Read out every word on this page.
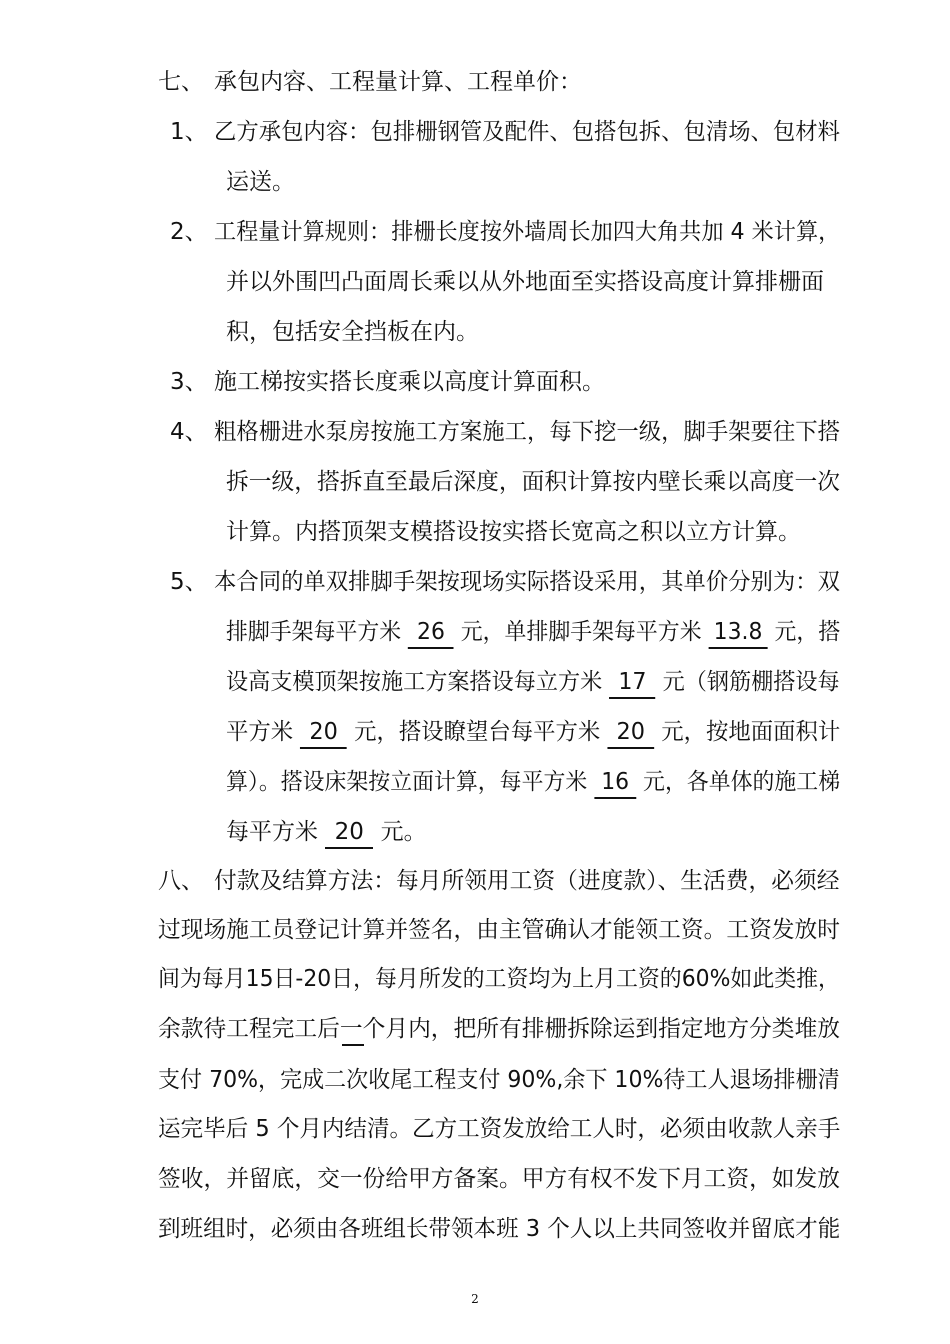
七、 承包内容、工程量计算、工程单价：
1、 乙方承包内容：包排栅钢管及配件、包搭包拆、包清场、包材料
运送。
2、 工程量计算规则：排栅长度按外墙周长加四大角共加 4 米计算，
并以外围凹凸面周长乘以从外地面至实搭设高度计算排栅面
积，包括安全挡板在内。
3、 施工梯按实搭长度乘以高度计算面积。
4、 粗格栅进水泵房按施工方案施工，每下挖一级，脚手架要往下搭
拆一级，搭拆直至最后深度，面积计算按内壁长乘以高度一次
计算。内搭顶架支模搭设按实搭长宽高之积以立方计算。
5、 本合同的单双排脚手架按现场实际搭设采用，其单价分别为：双
排脚手架每平方米 26 元，单排脚手架每平方米 13.8 元，搭
设高支模顶架按施工方案搭设每立方米 17 元（钢筋棚搭设每
平方米 20 元，搭设瞭望台每平方米 20 元，按地面面积计
算）。搭设床架按立面计算，每平方米 16 元，各单体的施工梯
每平方米 20 元。
八、 付款及结算方法：每月所领用工资（进度款）、生活费，必须经
过现场施工员登记计算并签名，由主管确认才能领工资。工资发放时
间为每月15日-20日，每月所发的工资均为上月工资的60%如此类推，
余款待工程完工后一个月内，把所有排栅拆除运到指定地方分类堆放
支付 70%，完成二次收尾工程支付 90%,余下 10%待工人退场排栅清
运完毕后 5 个月内结清。乙方工资发放给工人时，必须由收款人亲手
签收，并留底，交一份给甲方备案。甲方有权不发下月工资，如发放
到班组时，必须由各班组长带领本班 3 个人以上共同签收并留底才能
2
